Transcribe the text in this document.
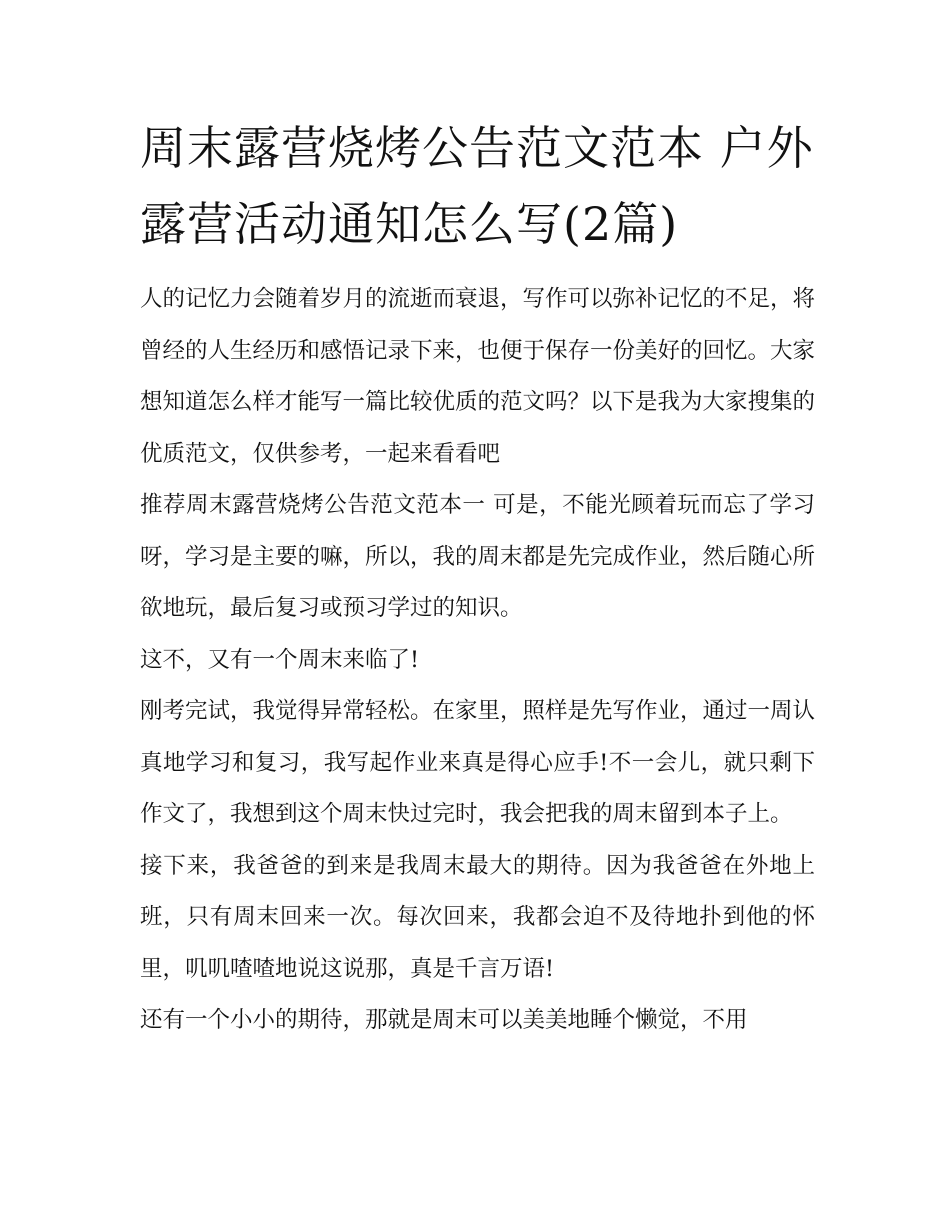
周末露营烧烤公告范文范本 户外露营活动通知怎么写(2篇)

人的记忆力会随着岁月的流逝而衰退，写作可以弥补记忆的不足，将曾经的人生经历和感悟记录下来，也便于保存一份美好的回忆。大家想知道怎么样才能写一篇比较优质的范文吗？以下是我为大家搜集的优质范文，仅供参考，一起来看看吧

推荐周末露营烧烤公告范文范本一 可是，不能光顾着玩而忘了学习呀，学习是主要的嘛，所以，我的周末都是先完成作业，然后随心所欲地玩，最后复习或预习学过的知识。

这不，又有一个周末来临了!

刚考完试，我觉得异常轻松。在家里，照样是先写作业，通过一周认真地学习和复习，我写起作业来真是得心应手!不一会儿，就只剩下作文了，我想到这个周末快过完时，我会把我的周末留到本子上。

接下来，我爸爸的到来是我周末最大的期待。因为我爸爸在外地上班，只有周末回来一次。每次回来，我都会迫不及待地扑到他的怀里，叽叽喳喳地说这说那，真是千言万语!

还有一个小小的期待，那就是周末可以美美地睡个懒觉，不用
